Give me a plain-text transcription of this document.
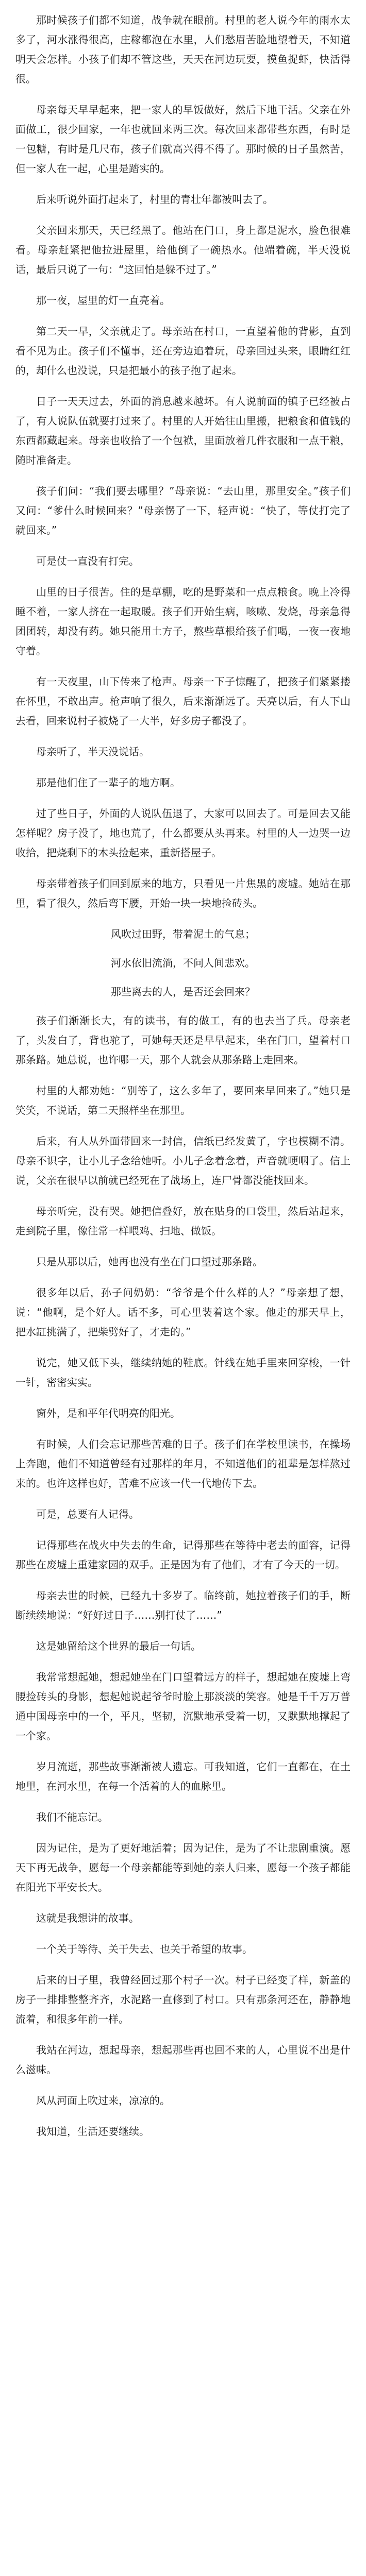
那时候孩子们都不知道，战争就在眼前。村里的老人说今年的雨水太多了，河水涨得很高，庄稼都泡在水里，人们愁眉苦脸地望着天，不知道明天会怎样。小孩子们却不管这些，天天在河边玩耍，摸鱼捉虾，快活得很。

母亲每天早早起来，把一家人的早饭做好，然后下地干活。父亲在外面做工，很少回家，一年也就回来两三次。每次回来都带些东西，有时是一包糖，有时是几尺布，孩子们就高兴得不得了。那时候的日子虽然苦，但一家人在一起，心里是踏实的。

后来听说外面打起来了，村里的青壮年都被叫去了。

父亲回来那天，天已经黑了。他站在门口，身上都是泥水，脸色很难看。母亲赶紧把他拉进屋里，给他倒了一碗热水。他端着碗，半天没说话，最后只说了一句：“这回怕是躲不过了。”

那一夜，屋里的灯一直亮着。

第二天一早，父亲就走了。母亲站在村口，一直望着他的背影，直到看不见为止。孩子们不懂事，还在旁边追着玩，母亲回过头来，眼睛红红的，却什么也没说，只是把最小的孩子抱了起来。

日子一天天过去，外面的消息越来越坏。有人说前面的镇子已经被占了，有人说队伍就要打过来了。村里的人开始往山里搬，把粮食和值钱的东西都藏起来。母亲也收拾了一个包袱，里面放着几件衣服和一点干粮，随时准备走。

孩子们问：“我们要去哪里？”母亲说：“去山里，那里安全。”孩子们又问：“爹什么时候回来？”母亲愣了一下，轻声说：“快了，等仗打完了就回来。”

可是仗一直没有打完。

山里的日子很苦。住的是草棚，吃的是野菜和一点点粮食。晚上冷得睡不着，一家人挤在一起取暖。孩子们开始生病，咳嗽、发烧，母亲急得团团转，却没有药。她只能用土方子，熬些草根给孩子们喝，一夜一夜地守着。

有一天夜里，山下传来了枪声。母亲一下子惊醒了，把孩子们紧紧搂在怀里，不敢出声。枪声响了很久，后来渐渐远了。天亮以后，有人下山去看，回来说村子被烧了一大半，好多房子都没了。

母亲听了，半天没说话。

那是他们住了一辈子的地方啊。

过了些日子，外面的人说队伍退了，大家可以回去了。可是回去又能怎样呢？房子没了，地也荒了，什么都要从头再来。村里的人一边哭一边收拾，把烧剩下的木头捡起来，重新搭屋子。

母亲带着孩子们回到原来的地方，只看见一片焦黑的废墟。她站在那里，看了很久，然后弯下腰，开始一块一块地捡砖头。

风吹过田野，带着泥土的气息；

河水依旧流淌，不问人间悲欢。

那些离去的人，是否还会回来？

孩子们渐渐长大，有的读书，有的做工，有的也去当了兵。母亲老了，头发白了，背也驼了，可她每天还是早早起来，坐在门口，望着村口那条路。她总说，也许哪一天，那个人就会从那条路上走回来。

村里的人都劝她：“别等了，这么多年了，要回来早回来了。”她只是笑笑，不说话，第二天照样坐在那里。

后来，有人从外面带回来一封信，信纸已经发黄了，字也模糊不清。母亲不识字，让小儿子念给她听。小儿子念着念着，声音就哽咽了。信上说，父亲在很早以前就已经死在了战场上，连尸骨都没能找回来。

母亲听完，没有哭。她把信叠好，放在贴身的口袋里，然后站起来，走到院子里，像往常一样喂鸡、扫地、做饭。

只是从那以后，她再也没有坐在门口望过那条路。

很多年以后，孙子问奶奶：“爷爷是个什么样的人？”母亲想了想，说：“他啊，是个好人。话不多，可心里装着这个家。他走的那天早上，把水缸挑满了，把柴劈好了，才走的。”

说完，她又低下头，继续纳她的鞋底。针线在她手里来回穿梭，一针一针，密密实实。

窗外，是和平年代明亮的阳光。

有时候，人们会忘记那些苦难的日子。孩子们在学校里读书，在操场上奔跑，他们不知道曾经有过那样的年月，不知道他们的祖辈是怎样熬过来的。也许这样也好，苦难不应该一代一代地传下去。

可是，总要有人记得。

记得那些在战火中失去的生命，记得那些在等待中老去的面容，记得那些在废墟上重建家园的双手。正是因为有了他们，才有了今天的一切。

母亲去世的时候，已经九十多岁了。临终前，她拉着孩子们的手，断断续续地说：“好好过日子……别打仗了……”

这是她留给这个世界的最后一句话。

我常常想起她，想起她坐在门口望着远方的样子，想起她在废墟上弯腰捡砖头的身影，想起她说起爷爷时脸上那淡淡的笑容。她是千千万万普通中国母亲中的一个，平凡，坚韧，沉默地承受着一切，又默默地撑起了一个家。

岁月流逝，那些故事渐渐被人遗忘。可我知道，它们一直都在，在土地里，在河水里，在每一个活着的人的血脉里。

我们不能忘记。

因为记住，是为了更好地活着；因为记住，是为了不让悲剧重演。愿天下再无战争，愿每一个母亲都能等到她的亲人归来，愿每一个孩子都能在阳光下平安长大。

这就是我想讲的故事。

一个关于等待、关于失去、也关于希望的故事。

后来的日子里，我曾经回过那个村子一次。村子已经变了样，新盖的房子一排排整整齐齐，水泥路一直修到了村口。只有那条河还在，静静地流着，和很多年前一样。

我站在河边，想起母亲，想起那些再也回不来的人，心里说不出是什么滋味。

风从河面上吹过来，凉凉的。

我知道，生活还要继续。
